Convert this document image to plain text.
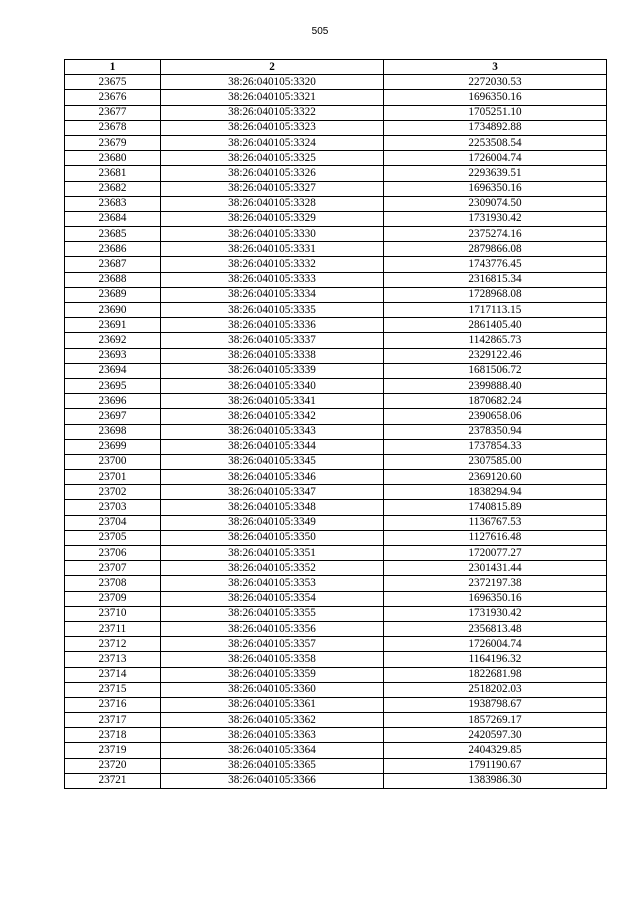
505
1	2	3
23675	38:26:040105:3320	2272030.53
23676	38:26:040105:3321	1696350.16
23677	38:26:040105:3322	1705251.10
23678	38:26:040105:3323	1734892.88
23679	38:26:040105:3324	2253508.54
23680	38:26:040105:3325	1726004.74
23681	38:26:040105:3326	2293639.51
23682	38:26:040105:3327	1696350.16
23683	38:26:040105:3328	2309074.50
23684	38:26:040105:3329	1731930.42
23685	38:26:040105:3330	2375274.16
23686	38:26:040105:3331	2879866.08
23687	38:26:040105:3332	1743776.45
23688	38:26:040105:3333	2316815.34
23689	38:26:040105:3334	1728968.08
23690	38:26:040105:3335	1717113.15
23691	38:26:040105:3336	2861405.40
23692	38:26:040105:3337	1142865.73
23693	38:26:040105:3338	2329122.46
23694	38:26:040105:3339	1681506.72
23695	38:26:040105:3340	2399888.40
23696	38:26:040105:3341	1870682.24
23697	38:26:040105:3342	2390658.06
23698	38:26:040105:3343	2378350.94
23699	38:26:040105:3344	1737854.33
23700	38:26:040105:3345	2307585.00
23701	38:26:040105:3346	2369120.60
23702	38:26:040105:3347	1838294.94
23703	38:26:040105:3348	1740815.89
23704	38:26:040105:3349	1136767.53
23705	38:26:040105:3350	1127616.48
23706	38:26:040105:3351	1720077.27
23707	38:26:040105:3352	2301431.44
23708	38:26:040105:3353	2372197.38
23709	38:26:040105:3354	1696350.16
23710	38:26:040105:3355	1731930.42
23711	38:26:040105:3356	2356813.48
23712	38:26:040105:3357	1726004.74
23713	38:26:040105:3358	1164196.32
23714	38:26:040105:3359	1822681.98
23715	38:26:040105:3360	2518202.03
23716	38:26:040105:3361	1938798.67
23717	38:26:040105:3362	1857269.17
23718	38:26:040105:3363	2420597.30
23719	38:26:040105:3364	2404329.85
23720	38:26:040105:3365	1791190.67
23721	38:26:040105:3366	1383986.30
